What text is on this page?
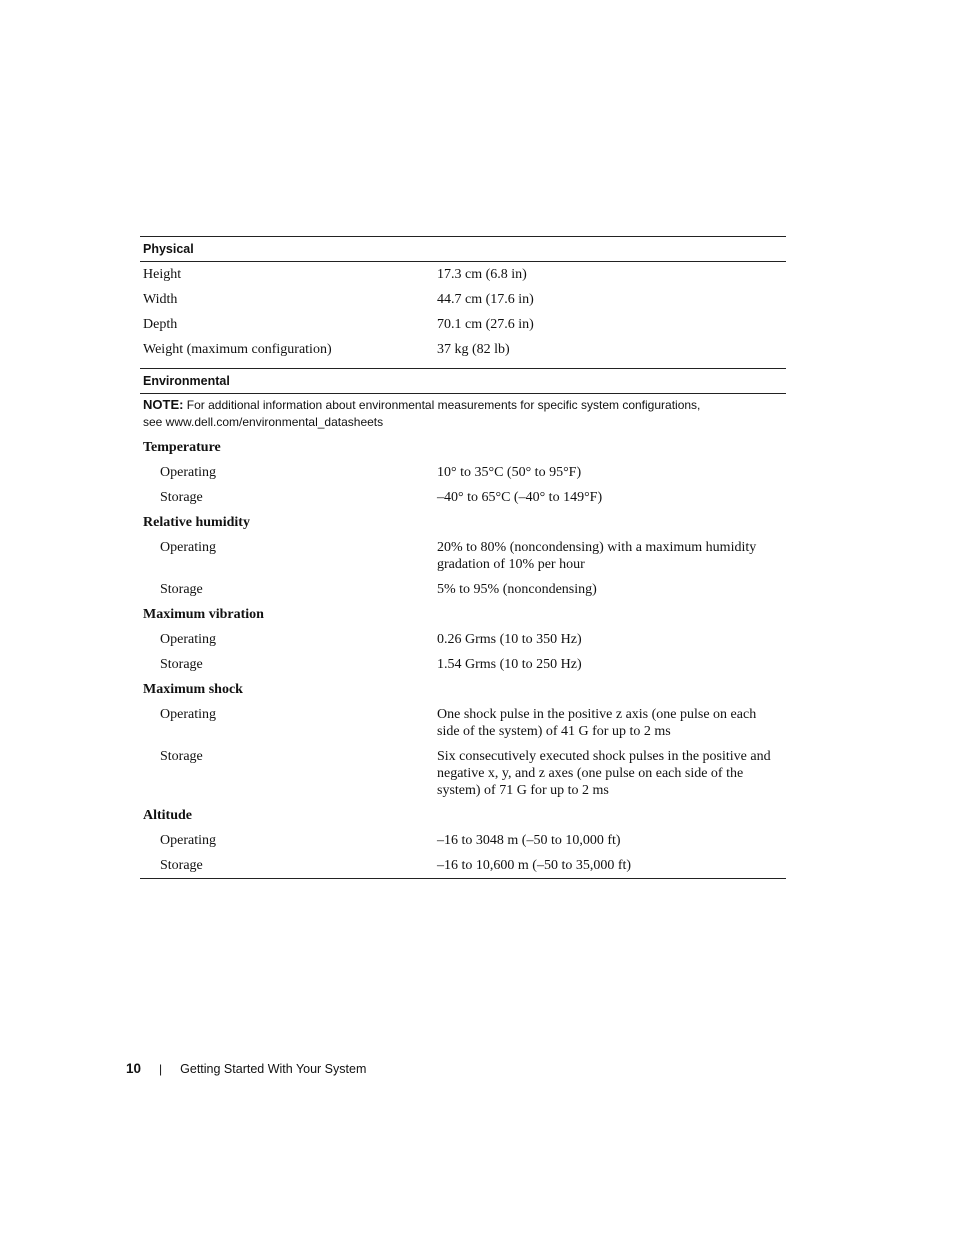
Physical
Height	17.3 cm (6.8 in)
Width	44.7 cm (17.6 in)
Depth	70.1 cm (27.6 in)
Weight (maximum configuration)	37 kg (82 lb)
Environmental
NOTE: For additional information about environmental measurements for specific system configurations,
see www.dell.com/environmental_datasheets
Temperature
Operating	10° to 35°C (50° to 95°F)
Storage	–40° to 65°C (–40° to 149°F)
Relative humidity
Operating	20% to 80% (noncondensing) with a maximum humidity gradation of 10% per hour
Storage	5% to 95% (noncondensing)
Maximum vibration
Operating	0.26 Grms (10 to 350 Hz)
Storage	1.54 Grms (10 to 250 Hz)
Maximum shock
Operating	One shock pulse in the positive z axis (one pulse on each side of the system) of 41 G for up to 2 ms
Storage	Six consecutively executed shock pulses in the positive and negative x, y, and z axes (one pulse on each side of the system) of 71 G for up to 2 ms
Altitude
Operating	–16 to 3048 m (–50 to 10,000 ft)
Storage	–16 to 10,600 m (–50 to 35,000 ft)
10 | Getting Started With Your System
